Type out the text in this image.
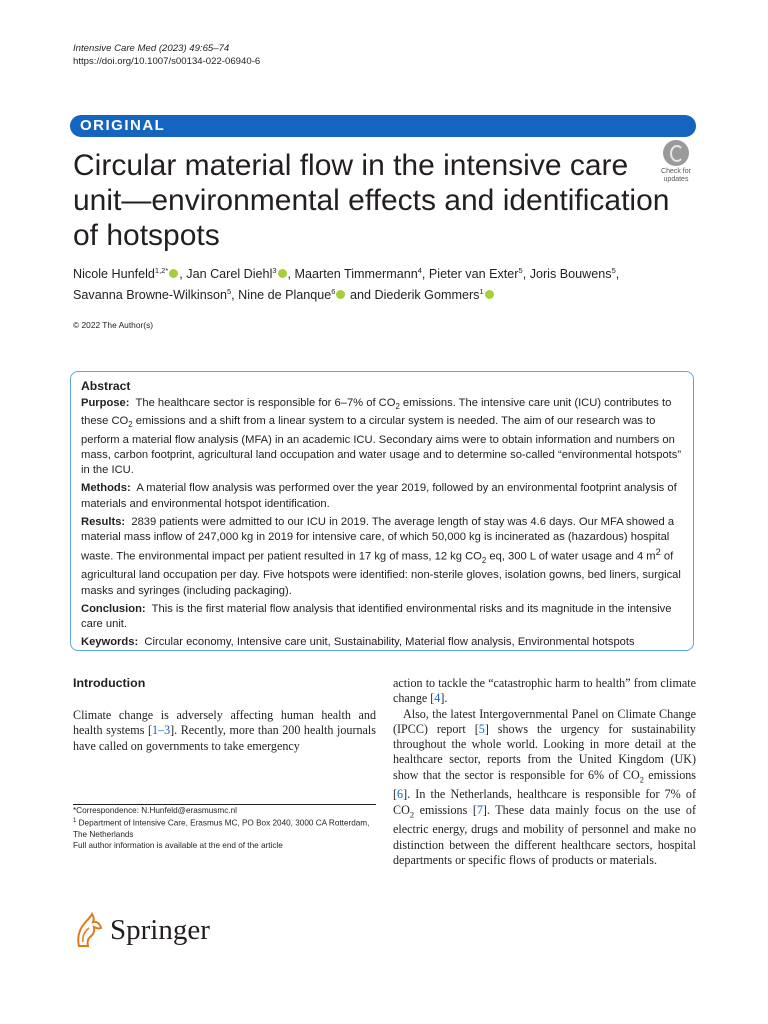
Intensive Care Med (2023) 49:65–74
https://doi.org/10.1007/s00134-022-06940-6
ORIGINAL
Check for
updates
Circular material flow in the intensive care unit—environmental effects and identification of hotspots
Nicole Hunfeld$^{1,2*}$ , Jan Carel Diehl$^3$ , Maarten Timmermann$^4$, Pieter van Exter$^5$, Joris Bouwens$^5$,
Savanna Browne-Wilkinson$^5$, Nine de Planque$^6$ and Diederik Gommers$^1$
© 2022 The Author(s)
Abstract

Purpose: The healthcare sector is responsible for 6–7% of $CO_2$ emissions. The intensive care unit (ICU) contributes to these $CO_2$ emissions and a shift from a linear system to a circular system is needed. The aim of our research was to perform a material flow analysis (MFA) in an academic ICU. Secondary aims were to obtain information and numbers on mass, carbon footprint, agricultural land occupation and water usage and to determine so-called “environmental hotspots” in the ICU.

Methods: A material flow analysis was performed over the year 2019, followed by an environmental footprint analysis of materials and environmental hotspot identification.

Results: 2839 patients were admitted to our ICU in 2019. The average length of stay was 4.6 days. Our MFA showed a material mass inflow of 247,000 kg in 2019 for intensive care, of which 50,000 kg is incinerated as (hazardous) hospital waste. The environmental impact per patient resulted in 17 kg of mass, 12 kg $CO_2$ eq, 300 L of water usage and 4 $m^2$ of agricultural land occupation per day. Five hotspots were identified: non-sterile gloves, isolation gowns, bed liners, surgical masks and syringes (including packaging).

Conclusion: This is the first material flow analysis that identified environmental risks and its magnitude in the intensive care unit.

Keywords: Circular economy, Intensive care unit, Sustainability, Material flow analysis, Environmental hotspots

Introduction

Climate change is adversely affecting human health and health systems [1–3]. Recently, more than 200 health journals have called on governments to take emergency

action to tackle the “catastrophic harm to health” from climate change [4].

Also, the latest Intergovernmental Panel on Climate Change (IPCC) report [5] shows the urgency for sustainability throughout the whole world. Looking in more detail at the healthcare sector, reports from the United Kingdom (UK) show that the sector is responsible for 6% of $CO_2$ emissions [6]. In the Netherlands, healthcare is responsible for 7% of $CO_2$ emissions [7]. These data mainly focus on the use of electric energy, drugs and mobility of personnel and make no distinction between the different healthcare sectors, hospital departments or specific flows of products or materials.

*Correspondence: N.Hunfeld@erasmusmc.nl
$^1$ Department of Intensive Care, Erasmus MC, PO Box 2040, 3000 CA Rotterdam, The Netherlands
Full author information is available at the end of the article
Springer
